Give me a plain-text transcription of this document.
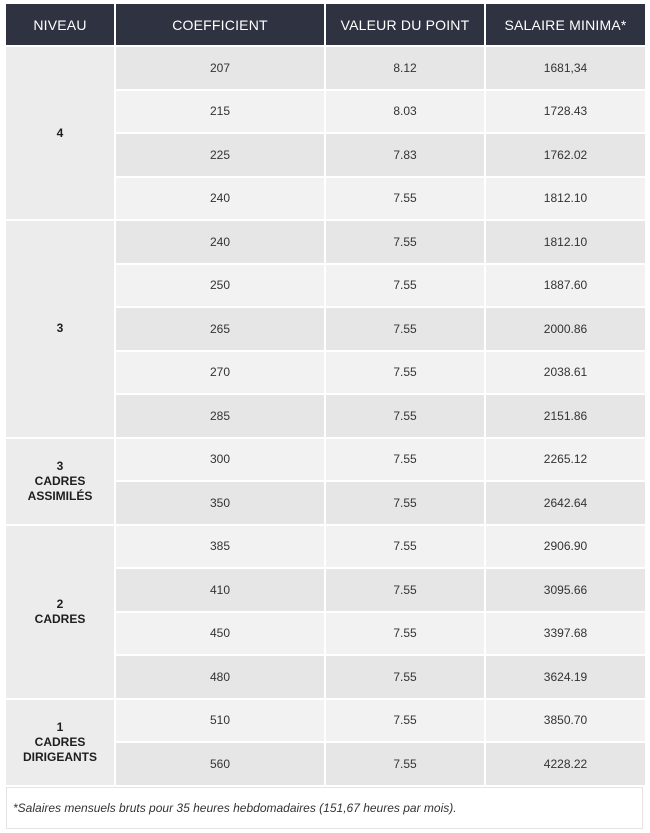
NIVEAU	COEFFICIENT	VALEUR DU POINT	SALAIRE MINIMA*

4	207	8.12	1681,34
	215	8.03	1728.43
	225	7.83	1762.02
	240	7.55	1812.10

3	240	7.55	1812.10
	250	7.55	1887.60
	265	7.55	2000.86
	270	7.55	2038.61
	285	7.55	2151.86

3
CADRES
ASSIMILÉS	300	7.55	2265.12
	350	7.55	2642.64

2
CADRES	385	7.55	2906.90
	410	7.55	3095.66
	450	7.55	3397.68
	480	7.55	3624.19

1
CADRES
DIRIGEANTS	510	7.55	3850.70
	560	7.55	4228.22
*Salaires mensuels bruts pour 35 heures hebdomadaires (151,67 heures par mois).
